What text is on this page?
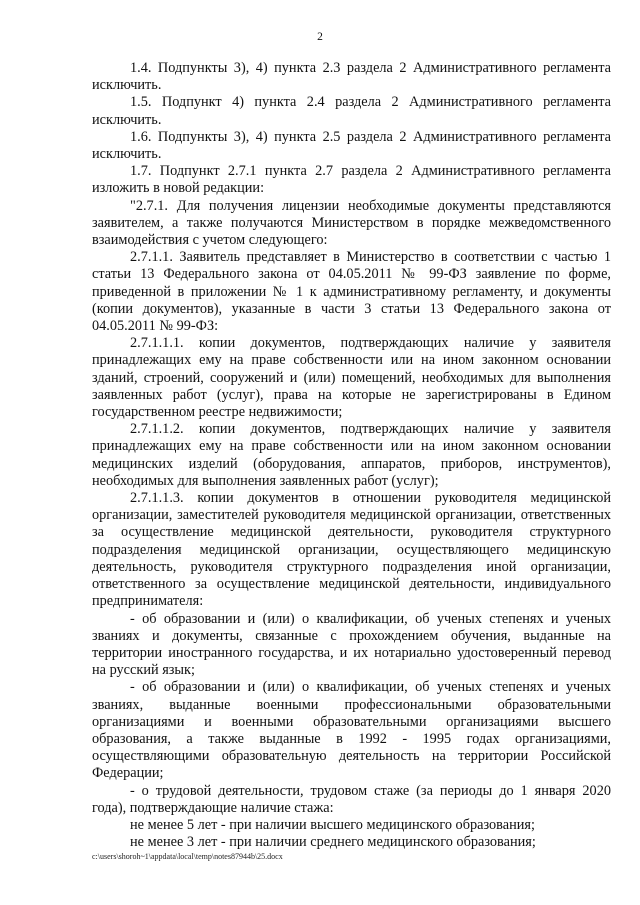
2

1.4. Подпункты 3), 4) пункта 2.3 раздела 2 Административного регламента исключить.

1.5. Подпункт 4) пункта 2.4 раздела 2 Административного регламента исключить.

1.6. Подпункты 3), 4) пункта 2.5 раздела 2 Административного регламента исключить.

1.7. Подпункт 2.7.1 пункта 2.7 раздела 2 Административного регламента изложить в новой редакции:

"2.7.1. Для получения лицензии необходимые документы представляются заявителем, а также получаются Министерством в порядке межведомственного взаимодействия с учетом следующего:

2.7.1.1. Заявитель представляет в Министерство в соответствии с частью 1 статьи 13 Федерального закона от 04.05.2011 № 99-ФЗ заявление по форме, приведенной в приложении № 1 к административному регламенту, и документы (копии документов), указанные в части 3 статьи 13 Федерального закона от 04.05.2011 № 99-ФЗ:

2.7.1.1.1. копии документов, подтверждающих наличие у заявителя принадлежащих ему на праве собственности или на ином законном основании зданий, строений, сооружений и (или) помещений, необходимых для выполнения заявленных работ (услуг), права на которые не зарегистрированы в Едином государственном реестре недвижимости;

2.7.1.1.2. копии документов, подтверждающих наличие у заявителя принадлежащих ему на праве собственности или на ином законном основании медицинских изделий (оборудования, аппаратов, приборов, инструментов), необходимых для выполнения заявленных работ (услуг);

2.7.1.1.3. копии документов в отношении руководителя медицинской организации, заместителей руководителя медицинской организации, ответственных за осуществление медицинской деятельности, руководителя структурного подразделения медицинской организации, осуществляющего медицинскую деятельность, руководителя структурного подразделения иной организации, ответственного за осуществление медицинской деятельности, индивидуального предпринимателя:

- об образовании и (или) о квалификации, об ученых степенях и ученых званиях и документы, связанные с прохождением обучения, выданные на территории иностранного государства, и их нотариально удостоверенный перевод на русский язык;

- об образовании и (или) о квалификации, об ученых степенях и ученых званиях, выданные военными профессиональными образовательными организациями и военными образовательными организациями высшего образования, а также выданные в 1992 - 1995 годах организациями, осуществляющими образовательную деятельность на территории Российской Федерации;

- о трудовой деятельности, трудовом стаже (за периоды до 1 января 2020 года), подтверждающие наличие стажа:

не менее 5 лет - при наличии высшего медицинского образования;

не менее 3 лет - при наличии среднего медицинского образования;

c:\users\shoroh~1\appdata\local\temp\notes87944b\25.docx
